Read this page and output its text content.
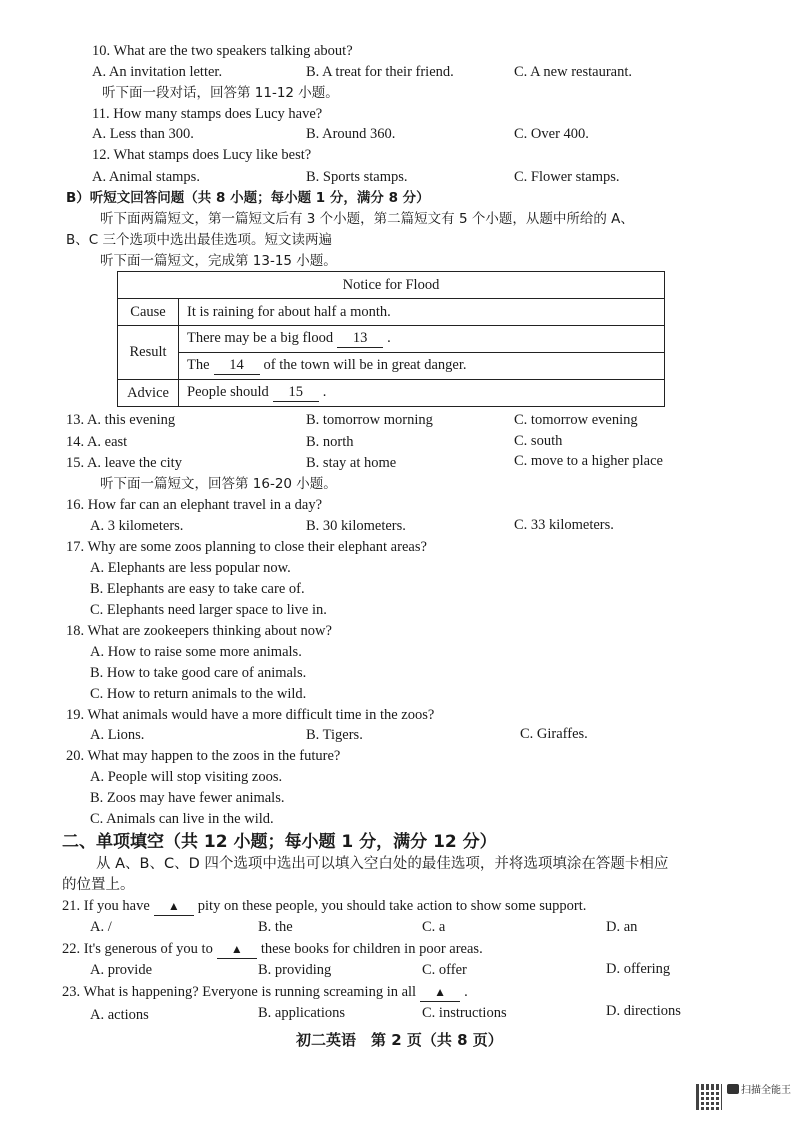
10. What are the two speakers talking about?
A. An invitation letter.	B. A treat for their friend.	C. A new restaurant.
听下面一段对话，回答第 11-12 小题。
11. How many stamps does Lucy have?
A. Less than 300.	B. Around 360.	C. Over 400.
12. What stamps does Lucy like best?
A. Animal stamps.	B. Sports stamps.	C. Flower stamps.
B）听短文回答问题（共 8 小题；每小题 1 分，满分 8 分）
听下面两篇短文，第一篇短文后有 3 个小题，第二篇短文有 5 个小题，从题中所给的 A、
B、C 三个选项中选出最佳选项。短文读两遍
听下面一篇短文，完成第 13-15 小题。
Notice for Flood	
Cause	It is raining for about half a month.
Result	There may be a big flood 13 .
	The 14 of the town will be in great danger.
Advice	People should 15 .
13. A. this evening	B. tomorrow morning	C. tomorrow evening
14. A. east	B. north	C. south
15. A. leave the city	B. stay at home	C. move to a higher place
听下面一篇短文，回答第 16-20 小题。
16. How far can an elephant travel in a day?
A. 3 kilometers.	B. 30 kilometers.	C. 33 kilometers.
17. Why are some zoos planning to close their elephant areas?
A. Elephants are less popular now.
B. Elephants are easy to take care of.
C. Elephants need larger space to live in.
18. What are zookeepers thinking about now?
A. How to raise some more animals.
B. How to take good care of animals.
C. How to return animals to the wild.
19. What animals would have a more difficult time in the zoos?
A. Lions.	B. Tigers.	C. Giraffes.
20. What may happen to the zoos in the future?
A. People will stop visiting zoos.
B. Zoos may have fewer animals.
C. Animals can live in the wild.
二、单项填空（共 12 小题；每小题 1 分，满分 12 分）
从 A、B、C、D 四个选项中选出可以填入空白处的最佳选项，并将选项填涂在答题卡相应
的位置上。
21. If you have ▲ pity on these people, you should take action to show some support.
A. /	B. the	C. a	D. an
22. It's generous of you to ▲ these books for children in poor areas.
A. provide	B. providing	C. offer	D. offering
23. What is happening? Everyone is running screaming in all ▲ .
A. actions	B. applications	C. instructions	D. directions
初二英语　第 2 页（共 8 页）
扫描全能王
